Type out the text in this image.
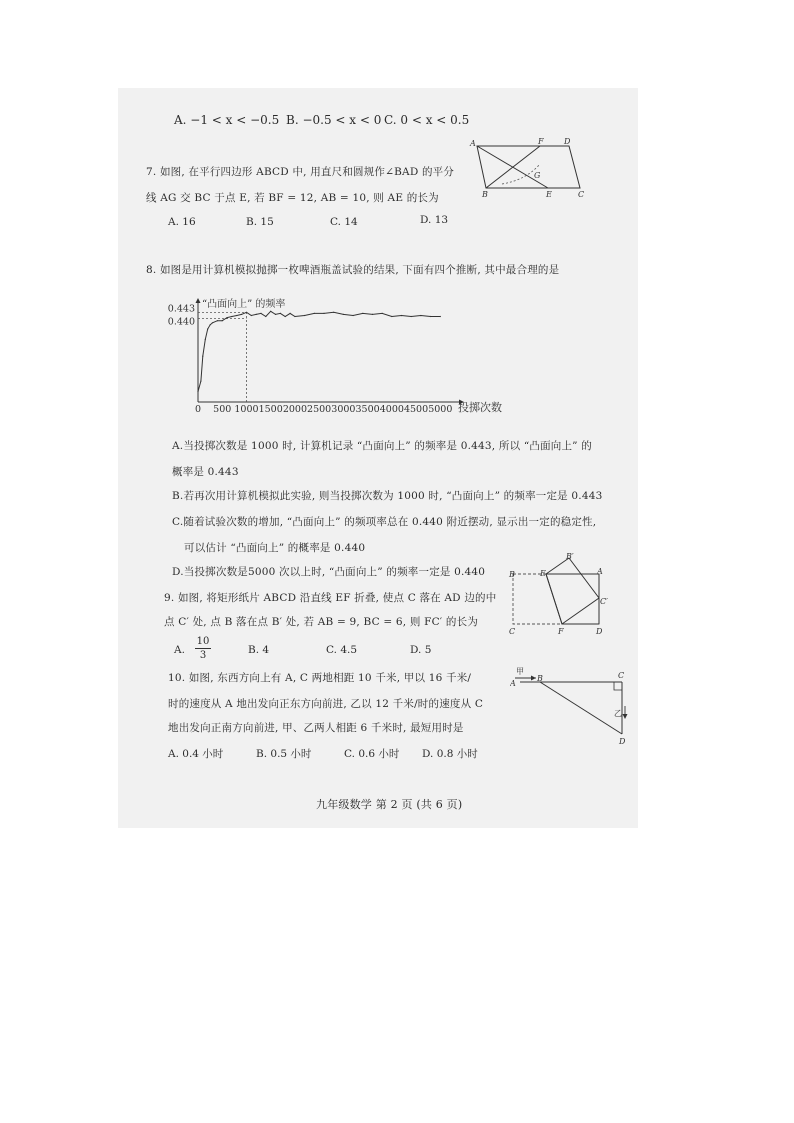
A. −1 < x < −0.5 B. −0.5 < x < 0 C. 0 < x < 0.5
7. 如图, 在平行四边形 ABCD 中, 用直尺和圆规作∠BAD 的平分
线 AG 交 BC 于点 E, 若 BF = 12, AB = 10, 则 AE 的长为
A. 16	B. 15	C. 14	D. 13
A	F	D
G
B	E	C
8. 如图是用计算机模拟抛掷一枚啤酒瓶盖试验的结果, 下面有四个推断, 其中最合理的是
0 500 1000 1500 2000 2500 3000 3500 4000 4500 5000
0.443
0.440
“凸面向上” 的频率
投掷次数
A.当投掷次数是 1000 时, 计算机记录 “凸面向上” 的频率是 0.443, 所以 “凸面向上” 的
概率是 0.443
B.若再次用计算机模拟此实验, 则当投掷次数为 1000 时, “凸面向上” 的频率一定是 0.443
C.随着试验次数的增加, “凸面向上” 的频项率总在 0.440 附近摆动, 显示出一定的稳定性,
可以估计 “凸面向上” 的概率是 0.440
D.当投掷次数是5000 次以上时, “凸面向上” 的频率一定是 0.440
9. 如图, 将矩形纸片 ABCD 沿直线 EF 折叠, 使点 C 落在 AD 边的中
点 C′ 处, 点 B 落在点 B′ 处, 若 AB = 9, BC = 6, 则 FC′ 的长为
A.
10
3	B. 4	C. 4.5	D. 5
B′
B	E	A
C′
C	F	D
10. 如图, 东西方向上有 A, C 两地相距 10 千米, 甲以 16 千米/
时的速度从 A 地出发向正东方向前进, 乙以 12 千米/时的速度从 C
地出发向正南方向前进, 甲、乙两人相距 6 千米时, 最短用时是
A. 0.4 小时	B. 0.5 小时	C. 0.6 小时 D. 0.8 小时
A
甲
B	C
乙
D
九年级数学 第 2 页 (共 6 页)
